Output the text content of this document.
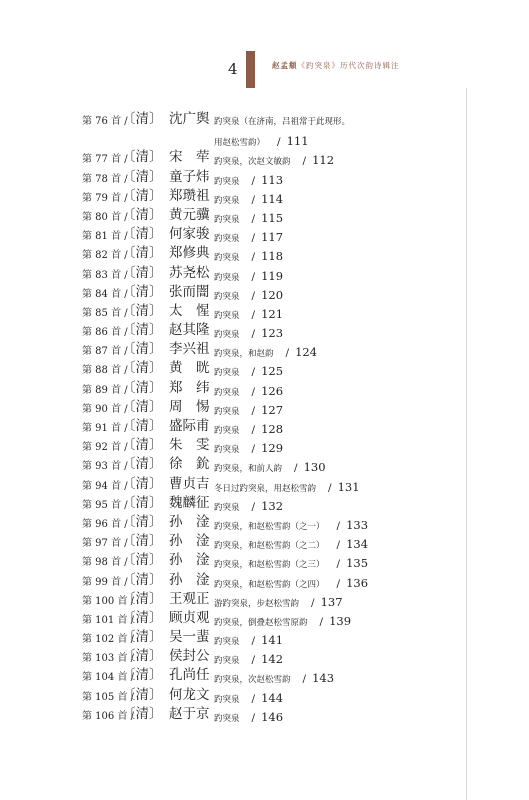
4	赵孟頫《趵突泉》历代次韵诗辑注
第 76 首 /
〔清〕 沈广舆 趵突泉（在济南，吕祖常于此现形。
用赵松雪韵） / 111
第 77 首 /
〔清〕 宋　荦 趵突泉，次赵文敏韵 / 112
第 78 首 /
〔清〕 童子炜 趵突泉 / 113
第 79 首 /
〔清〕 郑瓒祖 趵突泉 / 114
第 80 首 /
〔清〕 黄元骥 趵突泉 / 115
第 81 首 /
〔清〕 何家骏 趵突泉 / 117
第 82 首 /
〔清〕 郑修典 趵突泉 / 118
第 83 首 /
〔清〕 苏尧松 趵突泉 / 119
第 84 首 /
〔清〕 张而闇 趵突泉 / 120
第 85 首 /
〔清〕 太　惺 趵突泉 / 121
第 86 首 /
〔清〕 赵其隆 趵突泉 / 123
第 87 首 /
〔清〕 李兴祖 趵突泉，和赵韵 / 124
第 88 首 /
〔清〕 黄　晄 趵突泉 / 125
第 89 首 /
〔清〕 郑　纬 趵突泉 / 126
第 90 首 /
〔清〕 周　惕 趵突泉 / 127
第 91 首 /
〔清〕 盛际甫 趵突泉 / 128
第 92 首 /
〔清〕 朱　雯 趵突泉 / 129
第 93 首 /
〔清〕 徐　鈗 趵突泉，和前人韵 / 130
第 94 首 /
〔清〕 曹贞吉 冬日过趵突泉，用赵松雪韵 / 131
第 95 首 /
〔清〕 魏麟征 趵突泉 / 132
第 96 首 /
〔清〕 孙　淦 趵突泉，和赵松雪韵（之一） / 133
第 97 首 /
〔清〕 孙　淦 趵突泉，和赵松雪韵（之二） / 134
第 98 首 /
〔清〕 孙　淦 趵突泉，和赵松雪韵（之三） / 135
第 99 首 /
〔清〕 孙　淦 趵突泉，和赵松雪韵（之四） / 136
第 100 首 /
〔清〕 王观正 游趵突泉，步赵松雪韵 / 137
第 101 首 /
〔清〕 顾贞观 趵突泉，倒叠赵松雪原韵 / 139
第 102 首 /
〔清〕 吴一蜚 趵突泉 / 141
第 103 首 /
〔清〕 侯封公 趵突泉 / 142
第 104 首 /
〔清〕 孔尚任 趵突泉，次赵松雪韵 / 143
第 105 首 /
〔清〕 何龙文 趵突泉 / 144
第 106 首 /
〔清〕 赵于京 趵突泉 / 146
